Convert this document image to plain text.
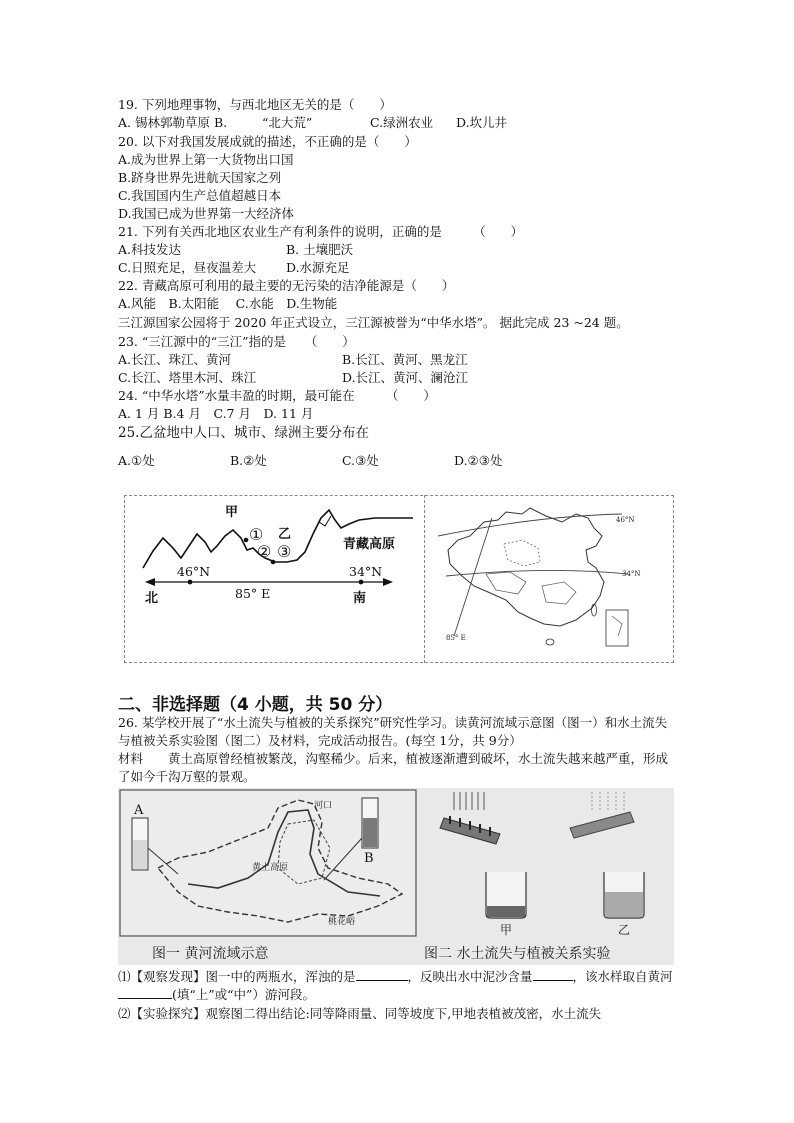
19. 下列地理事物，与西北地区无关的是（　　）
A. 锡林郭勒草原 B.	“北大荒”	C.绿洲农业 D.坎儿井
20. 以下对我国发展成就的描述，不正确的是（　　）
A.成为世界上第一大货物出口国
B.跻身世界先进航天国家之列
C.我国国内生产总值超越日本
D.我国已成为世界第一大经济体
21. 下列有关西北地区农业生产有利条件的说明，正确的是　　　（　　）
A.科技发达	B. 土壤肥沃
C.日照充足，昼夜温差大 D.水源充足
22. 青藏高原可利用的最主要的无污染的洁净能源是（　　）
A.风能　B.太阳能　 C.水能　D.生物能
三江源国家公园将于 2020 年正式设立，三江源被誉为“中华水塔”。 据此完成 23 ~24 题。
23. “三江源中的“三江”指的是　　（　　）
A.长江、珠江、黄河	B.长江、黄河、黑龙江
C.长江、塔里木河、珠江	D.长江、黄河、澜沧江
24. “中华水塔”水量丰盈的时期，最可能在　　　（　　）
A. 1 月 B.4 月　C.7 月　D. 11 月
25.乙盆地中人口、城市、绿洲主要分布在
A.①处	B.②处	C.③处	D.②③处
甲
乙
①
② ③	青藏高原
46°N	34°N
85° E
北	南
46°N
34°N
85° E
二、非选择题（4 小题，共 50 分）
26. 某学校开展了“水土流失与植被的关系探究”研究性学习。读黄河流域示意图（图一）和水土流失与植被关系实验图（图二）及材料，完成活动报告。(每空 1分，共 9分）
材料　　黄土高原曾经植被繁茂，沟壑稀少。后来，植被逐渐遭到破坏，水土流失越来越严重，形成了如今千沟万壑的景观。
河口
黄土高原
桃花峪
A
B
甲	乙
图一 黄河流域示意	图二 水土流失与植被关系实验
⑴【观察发现】图一中的两瓶水，浑浊的是	，反映出水中泥沙含量	，该水样取自黄河(填“上”或“中”）游河段。
⑵【实验探究】观察图二得出结论:同等降雨量、同等坡度下,甲地表植被茂密，水土流失
